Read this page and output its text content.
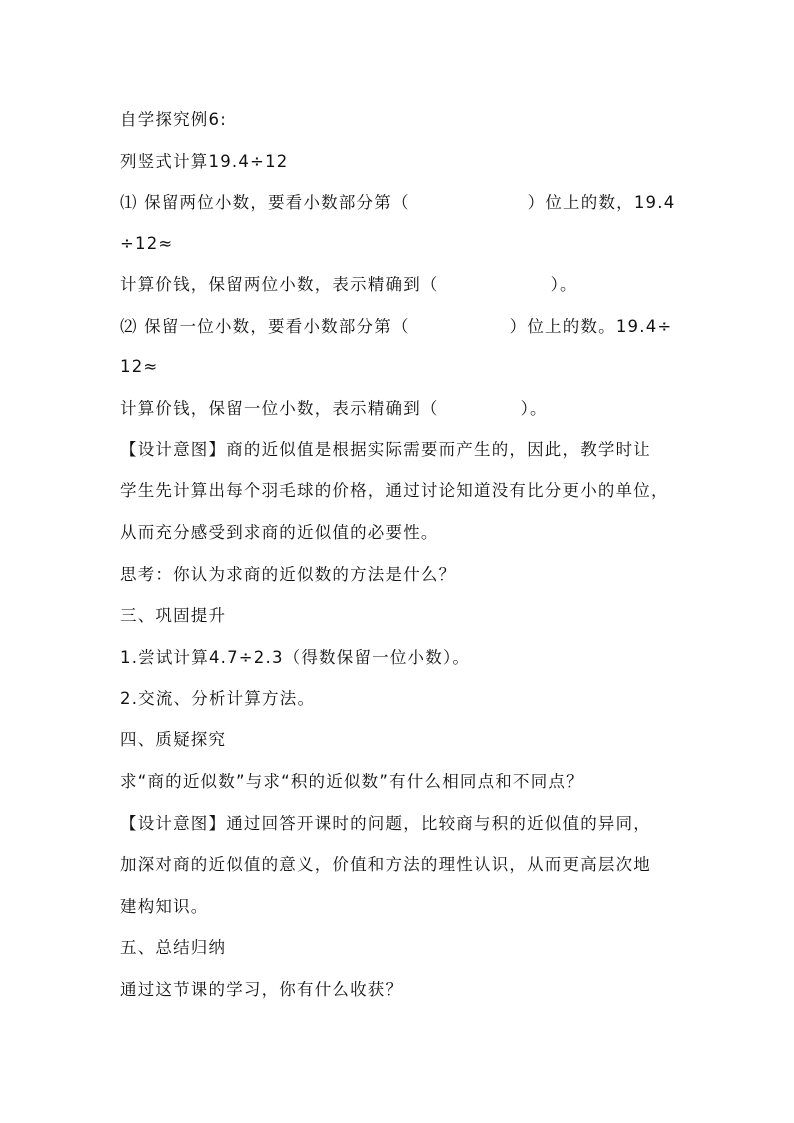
自学探究例6:
列竖式计算19.4÷12
⑴ 保留两位小数，要看小数部分第（	）位上的数，19.4
÷12≈
计算价钱，保留两位小数，表示精确到（	）。
⑵ 保留一位小数，要看小数部分第（	）位上的数。19.4÷
12≈
计算价钱，保留一位小数，表示精确到（	）。
【设计意图】商的近似值是根据实际需要而产生的，因此，教学时让
学生先计算出每个羽毛球的价格，通过讨论知道没有比分更小的单位，
从而充分感受到求商的近似值的必要性。
思考：你认为求商的近似数的方法是什么？
三、巩固提升
1.尝试计算4.7÷2.3（得数保留一位小数）。
2.交流、分析计算方法。
四、质疑探究
求“商的近似数”与求“积的近似数”有什么相同点和不同点？
【设计意图】通过回答开课时的问题，比较商与积的近似值的异同，
加深对商的近似值的意义，价值和方法的理性认识，从而更高层次地
建构知识。
五、总结归纳
通过这节课的学习，你有什么收获？
